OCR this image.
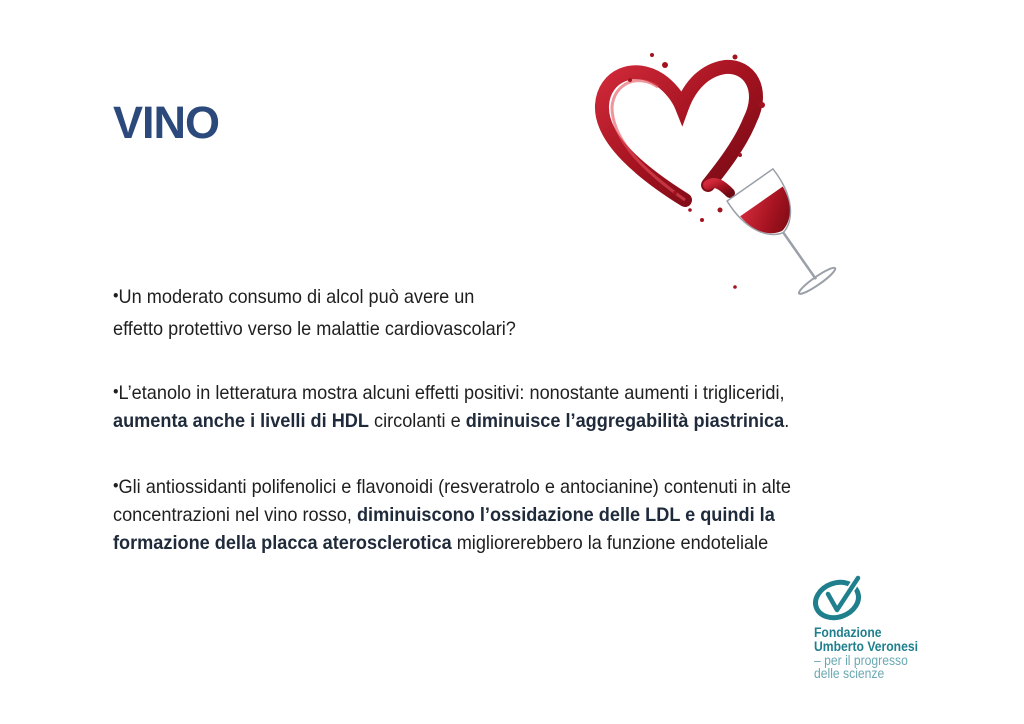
VINO
•Un moderato consumo di alcol può avere un
effetto protettivo verso le malattie cardiovascolari?
•L’etanolo in letteratura mostra alcuni effetti positivi: nonostante aumenti i trigliceridi,
aumenta anche i livelli di HDL circolanti e diminuisce l’aggregabilità piastrinica.
•Gli antiossidanti polifenolici e flavonoidi (resveratrolo e antocianine) contenuti in alte
concentrazioni nel vino rosso, diminuiscono l’ossidazione delle LDL e quindi la
formazione della placca aterosclerotica migliorerebbero la funzione endoteliale
Fondazione
Umberto Veronesi
– per il progresso
delle scienze
